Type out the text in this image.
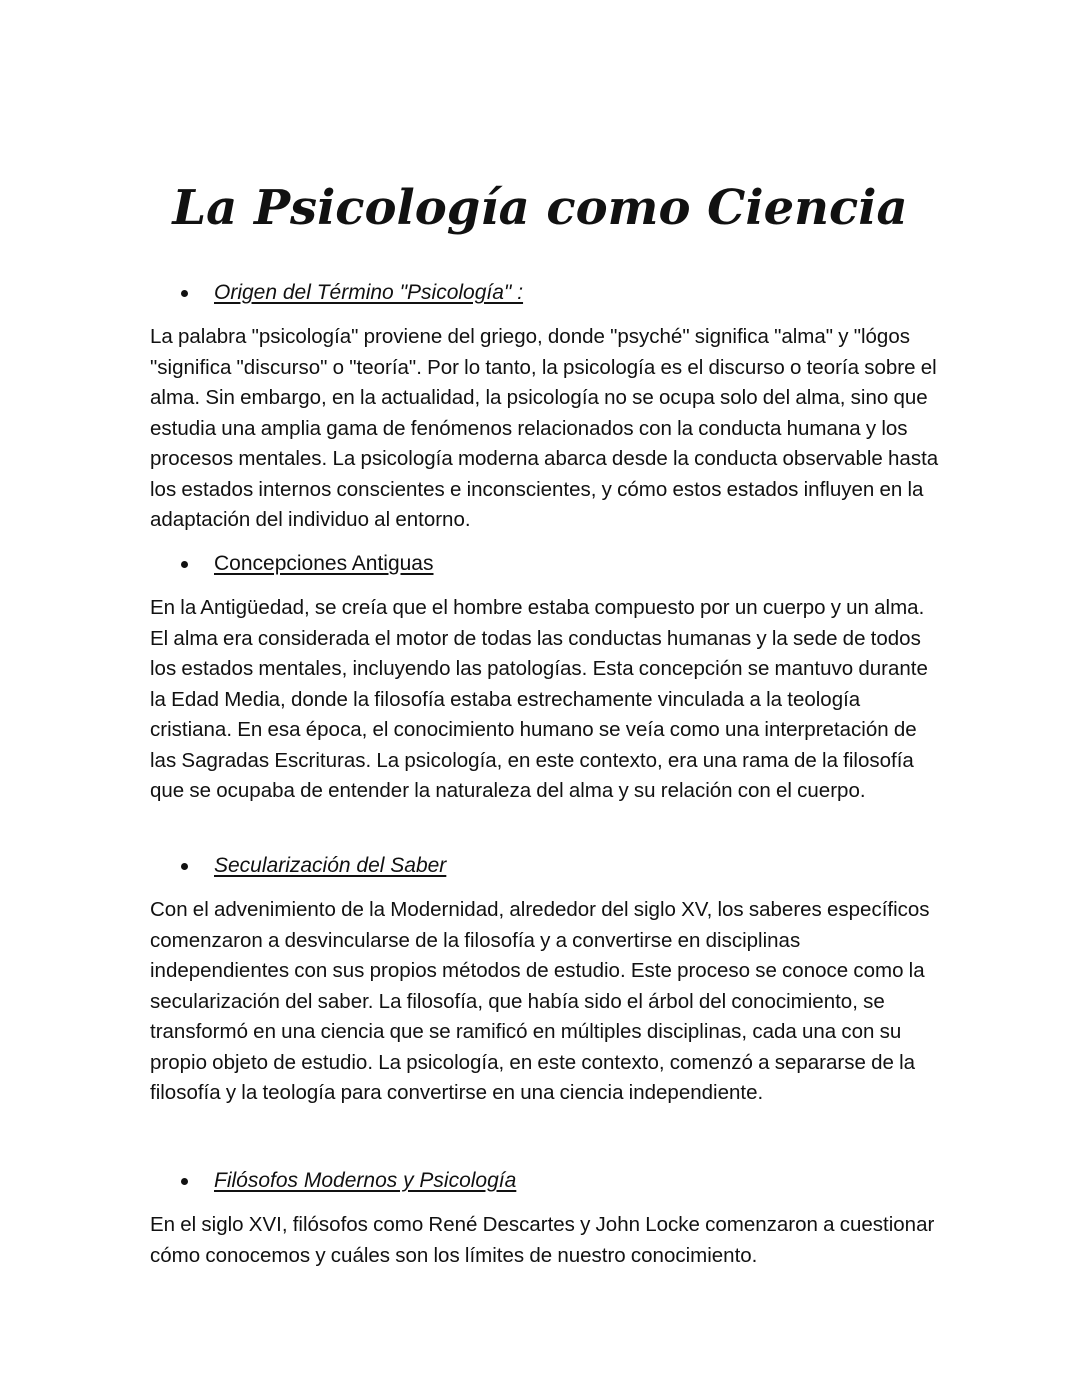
La Psicología como Ciencia
Origen del Término "Psicología" :

La palabra "psicología" proviene del griego, donde "psyché" significa "alma" y "lógos "significa "discurso" o "teoría". Por lo tanto, la psicología es el discurso o teoría sobre el alma. Sin embargo, en la actualidad, la psicología no se ocupa solo del alma, sino que estudia una amplia gama de fenómenos relacionados con la conducta humana y los procesos mentales. La psicología moderna abarca desde la conducta observable hasta los estados internos conscientes e inconscientes, y cómo estos estados influyen en la adaptación del individuo al entorno.

Concepciones Antiguas

En la Antigüedad, se creía que el hombre estaba compuesto por un cuerpo y un alma. El alma era considerada el motor de todas las conductas humanas y la sede de todos los estados mentales, incluyendo las patologías. Esta concepción se mantuvo durante la Edad Media, donde la filosofía estaba estrechamente vinculada a la teología cristiana. En esa época, el conocimiento humano se veía como una interpretación de las Sagradas Escrituras. La psicología, en este contexto, era una rama de la filosofía que se ocupaba de entender la naturaleza del alma y su relación con el cuerpo.

Secularización del Saber

Con el advenimiento de la Modernidad, alrededor del siglo XV, los saberes específicos comenzaron a desvincularse de la filosofía y a convertirse en disciplinas independientes con sus propios métodos de estudio. Este proceso se conoce como la secularización del saber. La filosofía, que había sido el árbol del conocimiento, se transformó en una ciencia que se ramificó en múltiples disciplinas, cada una con su propio objeto de estudio. La psicología, en este contexto, comenzó a separarse de la filosofía y la teología para convertirse en una ciencia independiente.

Filósofos Modernos y Psicología

En el siglo XVI, filósofos como René Descartes y John Locke comenzaron a cuestionar cómo conocemos y cuáles son los límites de nuestro conocimiento.
